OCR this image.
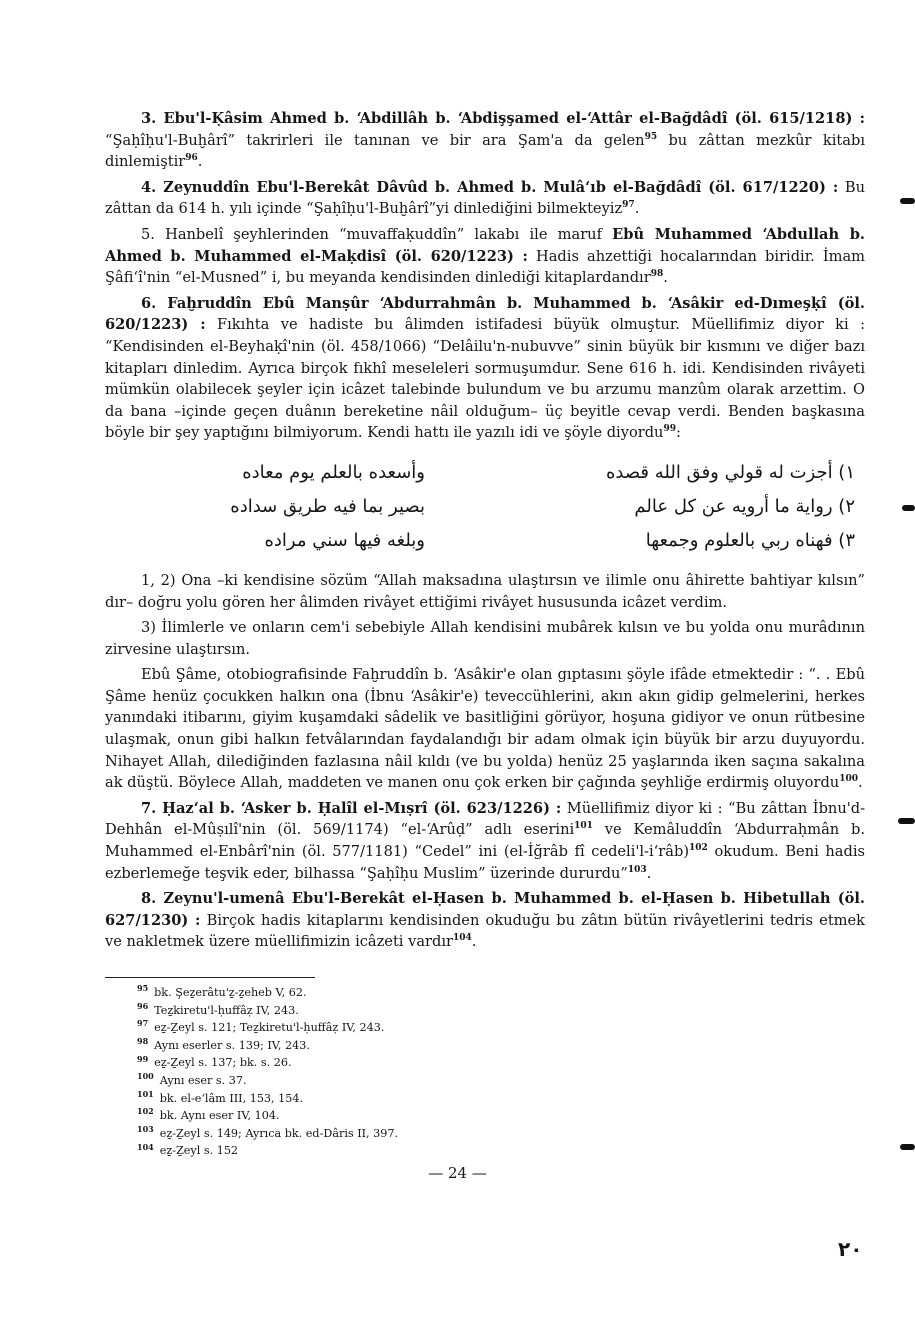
3. Ebu'l-Ḳâsim Ahmed b. ‘Abdillâh b. ‘Abdişşamed el-‘Attâr el-Bağdâdî (öl. 615/1218) : “Şaḥîḥu'l-Buḫârî” takrirleri ile tanınan ve bir ara Şam'a da gelen$^{95}$ bu zâttan mezkûr kitabı dinlemiştir$^{96}$.

4. Zeynuddîn Ebu'l-Berekât Dâvûd b. Ahmed b. Mulâ‘ıb el-Bağdâdî (öl. 617/1220) : Bu zâttan da 614 h. yılı içinde “Şaḥîḥu'l-Buḫârî”yi dinlediğini bilmekteyiz$^{97}$.

5. Hanbelî şeyhlerinden “muvaffaḳuddîn” lakabı ile maruf Ebû Muhammed ‘Abdullah b. Ahmed b. Muhammed el-Maḳdisî (öl. 620/1223) : Hadis ahzettiği hocalarından biridir. İmam Şâfi‘î'nin “el-Musned” i, bu meyanda kendisinden dinlediği kitaplardandır$^{98}$.

6. Faḫruddîn Ebû Manṣûr ‘Abdurrahmân b. Muhammed b. ‘Asâkir ed-Dımeşḳî (öl. 620/1223) : Fıkıhta ve hadiste bu âlimden istifadesi büyük olmuştur. Müellifimiz diyor ki : “Kendisinden el-Beyhaḳî'nin (öl. 458/1066) “Delâilu'n-nubuvve” sinin büyük bir kısmını ve diğer bazı kitapları dinledim. Ayrıca birçok fıkhî meseleleri sormuşumdur. Sene 616 h. idi. Kendisinden rivâyeti mümkün olabilecek şeyler için icâzet talebinde bulundum ve bu arzumu manzûm olarak arzettim. O da bana –içinde geçen duânın bereketine nâil olduğum– üç beyitle cevap verdi. Benden başkasına böyle bir şey yaptığını bilmiyorum. Kendi hattı ile yazılı idi ve şöyle diyordu$^{99}$:

١) أجزت له قولي وفق الله قصده
وأسعده بالعلم يوم معاده
٢) رواية ما أرويه عن كل عالم
بصير بما فيه طريق سداده
٣) فهناه ربي بالعلوم وجمعها
وبلغه فيها سني مراده

1, 2) Ona –ki kendisine sözüm “Allah maksadına ulaştırsın ve ilimle onu âhirette bahtiyar kılsın” dır– doğru yolu gören her âlimden rivâyet ettiğimi rivâyet hususunda icâzet verdim.

3) İlimlerle ve onların cem'i sebebiyle Allah kendisini mubârek kılsın ve bu yolda onu murâdının zirvesine ulaştırsın.

Ebû Şâme, otobiografisinde Faḫruddîn b. ‘Asâkir'e olan gıptasını şöyle ifâde etmektedir : “. . Ebû Şâme henüz çocukken halkın ona (İbnu ‘Asâkir'e) teveccühlerini, akın akın gidip gelmelerini, herkes yanındaki itibarını, giyim kuşamdaki sâdelik ve basitliğini görüyor, hoşuna gidiyor ve onun rütbesine ulaşmak, onun gibi halkın fetvâlarından faydalandığı bir adam olmak için büyük bir arzu duyuyordu. Nihayet Allah, dilediğinden fazlasına nâil kıldı (ve bu yolda) henüz 25 yaşlarında iken saçına sakalına ak düştü. Böylece Allah, maddeten ve manen onu çok erken bir çağında şeyhliğe erdirmiş oluyordu$^{100}$.

7. Ḥaz‘al b. ‘Asker b. Ḥalîl el-Mıṣrî (öl. 623/1226) : Müellifimiz diyor ki : “Bu zâttan İbnu'd-Dehhân el-Mûṣılî'nin (öl. 569/1174) “el-‘Arûḍ” adlı eserini$^{101}$ ve Kemâluddîn ‘Abdurraḥmân b. Muhammed el-Enbârî'nin (öl. 577/1181) “Cedel” ini (el-İğrâb fî cedeli'l-i‘râb)$^{102}$ okudum. Beni hadis ezberlemeğe teşvik eder, bilhassa “Şaḥîḥu Muslim” üzerinde dururdu”$^{103}$.

8. Zeynu'l-umenâ Ebu'l-Berekât el-Ḥasen b. Muhammed b. el-Ḥasen b. Hibetullah (öl. 627/1230) : Birçok hadis kitaplarını kendisinden okuduğu bu zâtın bütün rivâyetlerini tedris etmek ve nakletmek üzere müellifimizin icâzeti vardır$^{104}$.

$^{95}$ bk. Şeẕerâtu'ẕ-ẕeheb V, 62.
$^{96}$ Teẕkiretu'l-ḥuffâẓ IV, 243.
$^{97}$ eẕ-Ẕeyl s. 121; Teẕkiretu'l-ḥuffâẓ IV, 243.
$^{98}$ Aynı eserler s. 139; IV, 243.
$^{99}$ eẕ-Ẕeyl s. 137; bk. s. 26.
$^{100}$ Aynı eser s. 37.
$^{101}$ bk. el-e‘lâm III, 153, 154.
$^{102}$ bk. Aynı eser IV, 104.
$^{103}$ eẕ-Ẕeyl s. 149; Ayrıca bk. ed-Dâris II, 397.
$^{104}$ eẕ-Ẕeyl s. 152
— 24 —
٢٠
